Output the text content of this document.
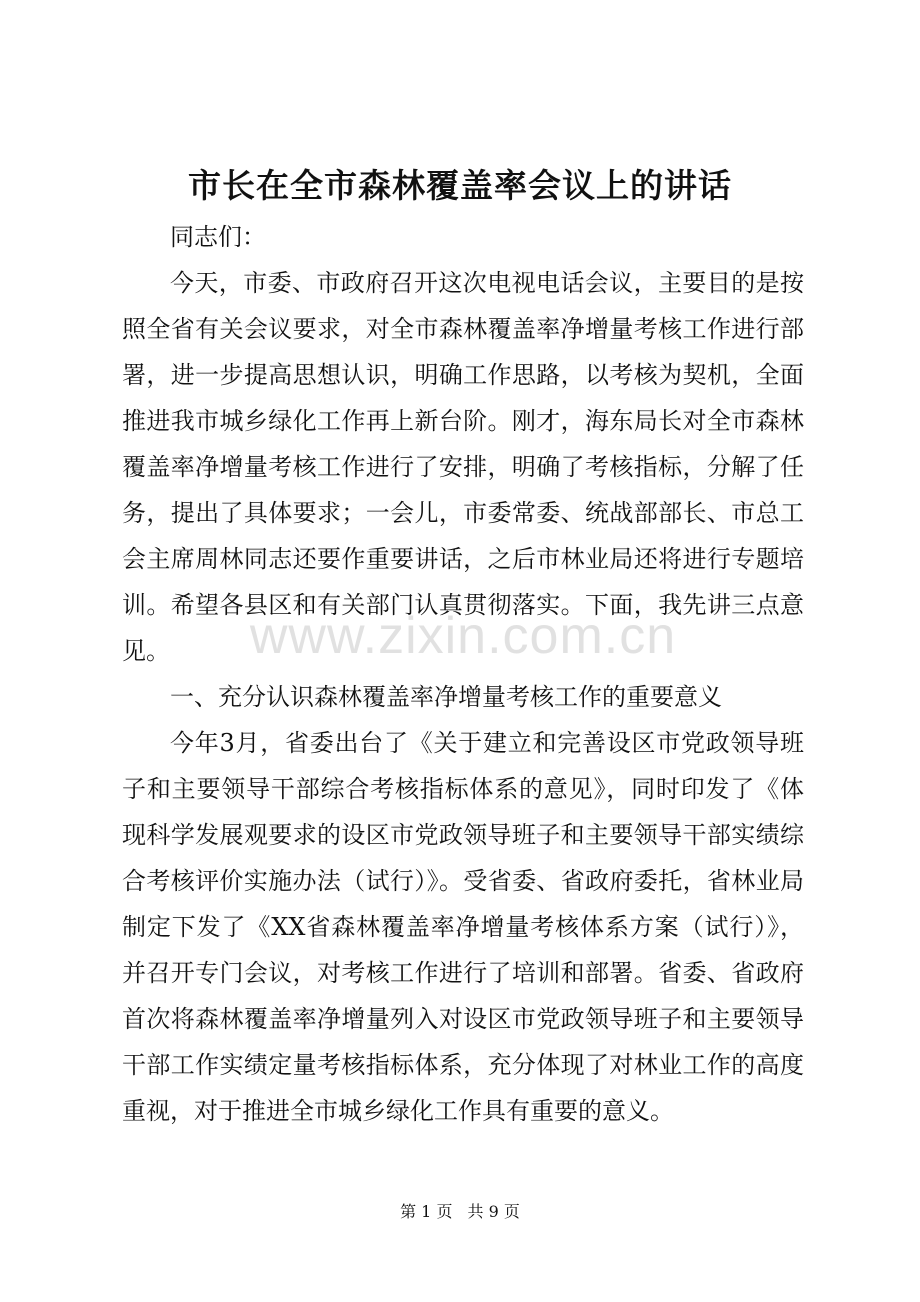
市长在全市森林覆盖率会议上的讲话

同志们：

今天，市委、市政府召开这次电视电话会议，主要目的是按照全省有关会议要求，对全市森林覆盖率净增量考核工作进行部署，进一步提高思想认识，明确工作思路，以考核为契机，全面推进我市城乡绿化工作再上新台阶。刚才，海东局长对全市森林覆盖率净增量考核工作进行了安排，明确了考核指标，分解了任务，提出了具体要求；一会儿，市委常委、统战部部长、市总工会主席周林同志还要作重要讲话，之后市林业局还将进行专题培训。希望各县区和有关部门认真贯彻落实。下面，我先讲三点意见。

一、充分认识森林覆盖率净增量考核工作的重要意义

今年3月，省委出台了《关于建立和完善设区市党政领导班子和主要领导干部综合考核指标体系的意见》，同时印发了《体现科学发展观要求的设区市党政领导班子和主要领导干部实绩综合考核评价实施办法（试行）》。受省委、省政府委托，省林业局制定下发了《XX省森林覆盖率净增量考核体系方案（试行）》，并召开专门会议，对考核工作进行了培训和部署。省委、省政府首次将森林覆盖率净增量列入对设区市党政领导班子和主要领导干部工作实绩定量考核指标体系，充分体现了对林业工作的高度重视，对于推进全市城乡绿化工作具有重要的意义。

www.zixin.com.cn
第 1 页 共 9 页
